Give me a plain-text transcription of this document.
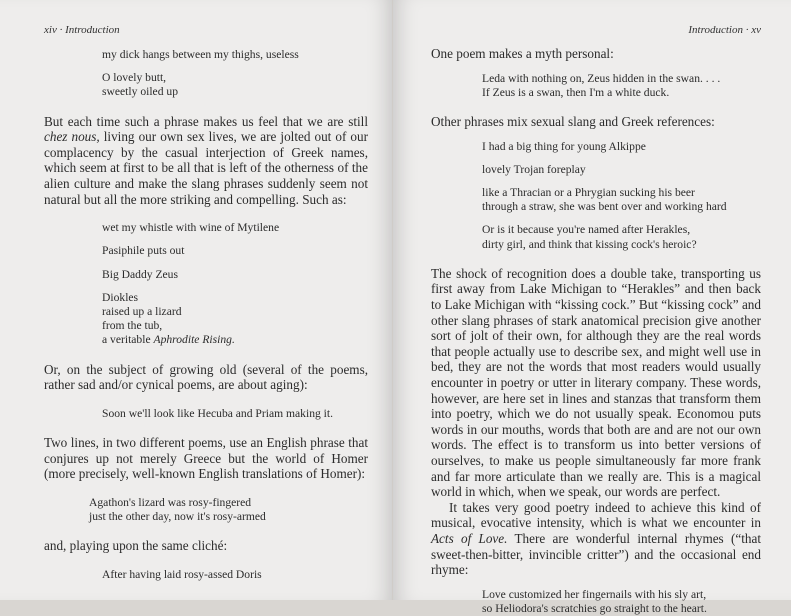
xiv · Introduction
my dick hangs between my thighs, useless
O lovely butt,
sweetly oiled up

But each time such a phrase makes us feel that we are still chez nous, living our own sex lives, we are jolted out of our complacency by the casual interjection of Greek names, which seem at first to be all that is left of the otherness of the alien culture and make the slang phrases suddenly seem not natural but all the more striking and compelling. Such as:

wet my whistle with wine of Mytilene
Pasiphile puts out
Big Daddy Zeus
Diokles
raised up a lizard
from the tub,
a veritable Aphrodite Rising.

Or, on the subject of growing old (several of the poems, rather sad and/or cynical poems, are about aging):

Soon we'll look like Hecuba and Priam making it.

Two lines, in two different poems, use an English phrase that conjures up not merely Greece but the world of Homer (more precisely, well-known English translations of Homer):

Agathon's lizard was rosy-fingered
just the other day, now it's rosy-armed

and, playing upon the same cliché:

After having laid rosy-assed Doris
Introduction · xv

One poem makes a myth personal:

Leda with nothing on, Zeus hidden in the swan. . . .
If Zeus is a swan, then I'm a white duck.

Other phrases mix sexual slang and Greek references:

I had a big thing for young Alkippe
lovely Trojan foreplay
like a Thracian or a Phrygian sucking his beer
through a straw, she was bent over and working hard
Or is it because you're named after Herakles,
dirty girl, and think that kissing cock's heroic?

The shock of recognition does a double take, transporting us first away from Lake Michigan to “Herakles” and then back to Lake Michigan with “kissing cock.” But “kissing cock” and other slang phrases of stark anatomical precision give another sort of jolt of their own, for although they are the real words that people actually use to describe sex, and might well use in bed, they are not the words that most readers would usually encounter in poetry or utter in literary company. These words, however, are here set in lines and stanzas that transform them into poetry, which we do not usually speak. Economou puts words in our mouths, words that both are and are not our own words. The effect is to transform us into better versions of ourselves, to make us people simultaneously far more frank and far more articulate than we really are. This is a magical world in which, when we speak, our words are perfect.

It takes very good poetry indeed to achieve this kind of musical, evocative intensity, which is what we encounter in Acts of Love. There are wonderful internal rhymes (“that sweet-then-bitter, invincible critter”) and the occasional end rhyme:

Love customized her fingernails with his sly art,
so Heliodora's scratchies go straight to the heart.
